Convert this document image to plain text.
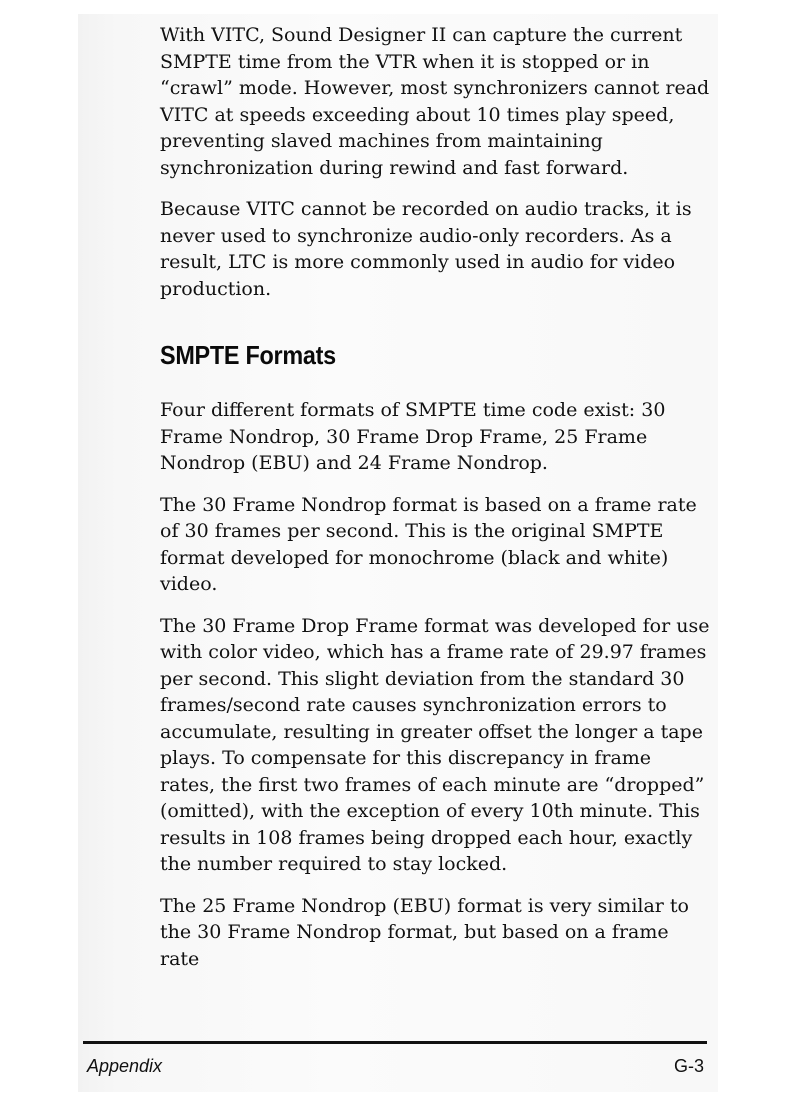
With VITC, Sound Designer II can capture the current SMPTE time from the VTR when it is stopped or in “crawl” mode. However, most synchronizers cannot read VITC at speeds exceeding about 10 times play speed, preventing slaved machines from maintaining synchronization during rewind and fast forward.

Because VITC cannot be recorded on audio tracks, it is never used to synchronize audio-only recorders. As a result, LTC is more commonly used in audio for video production.

SMPTE Formats

Four different formats of SMPTE time code exist: 30 Frame Nondrop, 30 Frame Drop Frame, 25 Frame Nondrop (EBU) and 24 Frame Nondrop.

The 30 Frame Nondrop format is based on a frame rate of 30 frames per second. This is the original SMPTE format developed for monochrome (black and white) video.

The 30 Frame Drop Frame format was developed for use with color video, which has a frame rate of 29.97 frames per second. This slight deviation from the standard 30 frames/second rate causes synchronization errors to accumulate, resulting in greater offset the longer a tape plays. To compensate for this discrepancy in frame rates, the first two frames of each minute are “dropped” (omitted), with the exception of every 10th minute. This results in 108 frames being dropped each hour, exactly the number required to stay locked.

The 25 Frame Nondrop (EBU) format is very similar to the 30 Frame Nondrop format, but based on a frame rate

Appendix	G-3
